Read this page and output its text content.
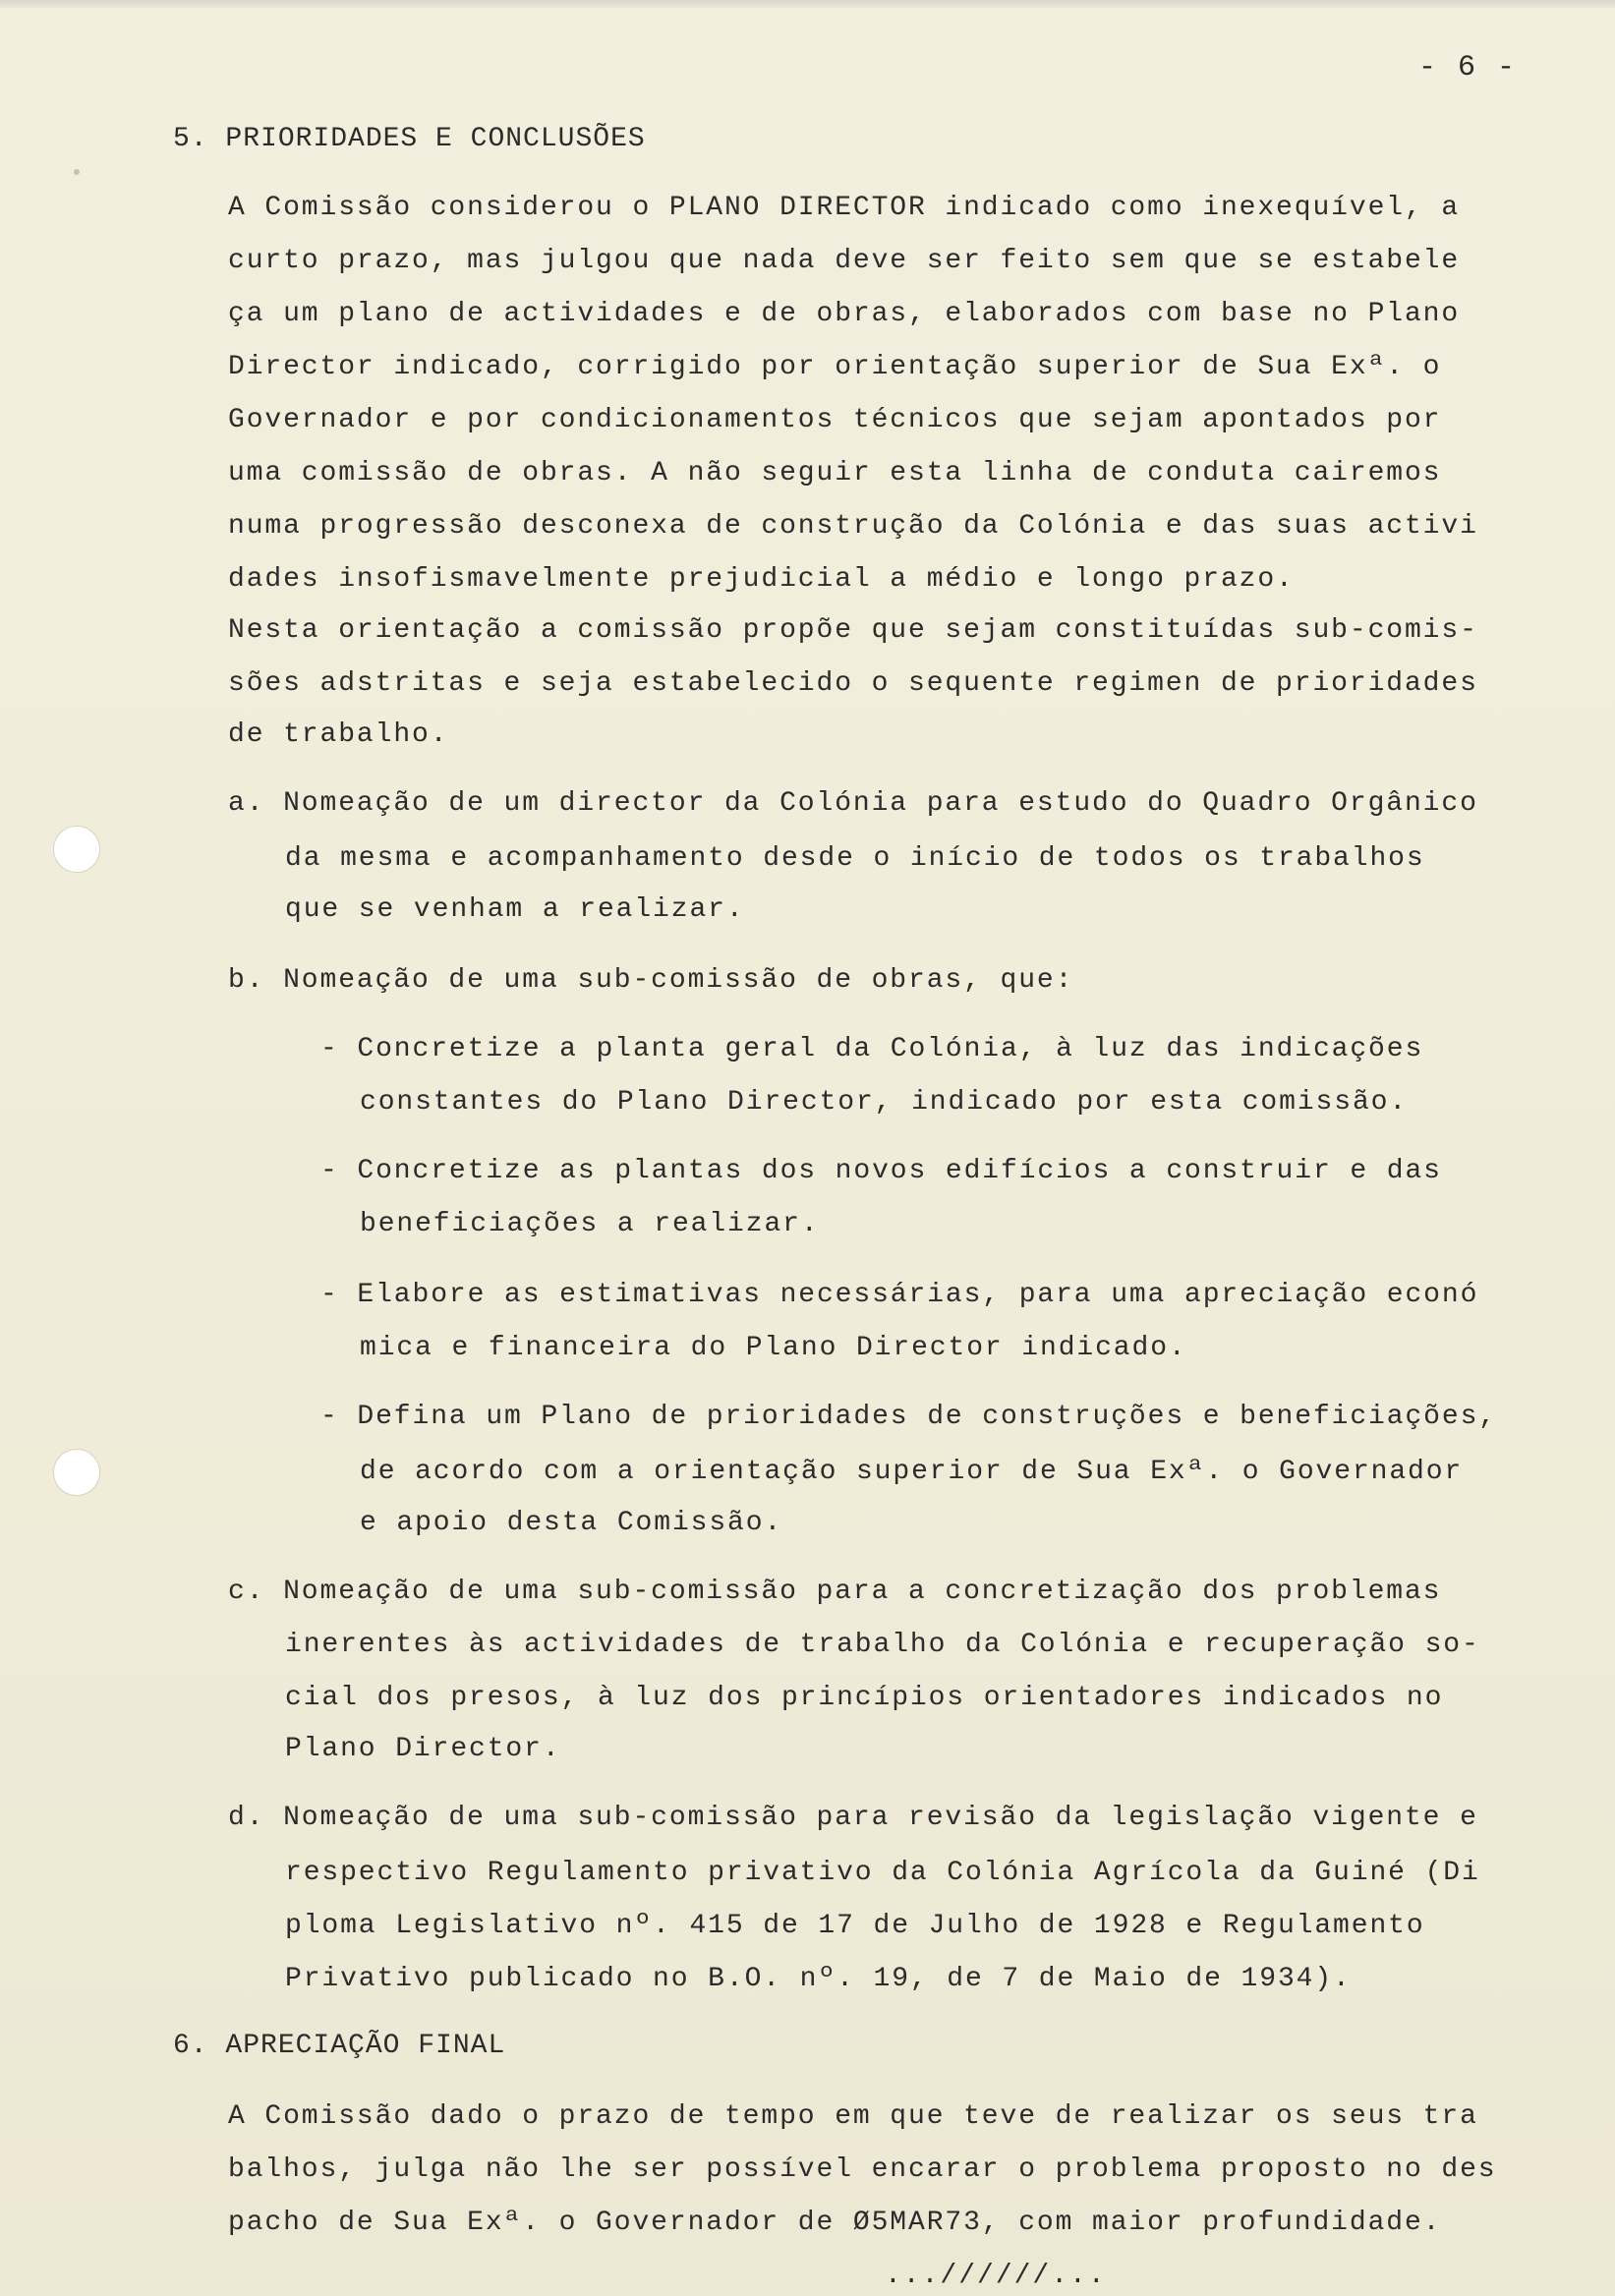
- 6 -
5. PRIORIDADES E CONCLUSÕES
A Comissão considerou o PLANO DIRECTOR indicado como inexequível, a
curto prazo, mas julgou que nada deve ser feito sem que se estabele
ça um plano de actividades e de obras, elaborados com base no Plano
Director indicado, corrigido por orientação superior de Sua Exª. o
Governador e por condicionamentos técnicos que sejam apontados por
uma comissão de obras. A não seguir esta linha de conduta cairemos
numa progressão desconexa de construção da Colónia e das suas activi
dades insofismavelmente prejudicial a médio e longo prazo.
Nesta orientação a comissão propõe que sejam constituídas sub-comis-
sões adstritas e seja estabelecido o sequente regimen de prioridades
de trabalho.
a. Nomeação de um director da Colónia para estudo do Quadro Orgânico
da mesma e acompanhamento desde o início de todos os trabalhos
que se venham a realizar.
b. Nomeação de uma sub-comissão de obras, que:
- Concretize a planta geral da Colónia, à luz das indicações
constantes do Plano Director, indicado por esta comissão.
- Concretize as plantas dos novos edifícios a construir e das
beneficiações a realizar.
- Elabore as estimativas necessárias, para uma apreciação econó
mica e financeira do Plano Director indicado.
- Defina um Plano de prioridades de construções e beneficiações,
de acordo com a orientação superior de Sua Exª. o Governador
e apoio desta Comissão.
c. Nomeação de uma sub-comissão para a concretização dos problemas
inerentes às actividades de trabalho da Colónia e recuperação so-
cial dos presos, à luz dos princípios orientadores indicados no
Plano Director.
d. Nomeação de uma sub-comissão para revisão da legislação vigente e
respectivo Regulamento privativo da Colónia Agrícola da Guiné (Di
ploma Legislativo nº. 415 de 17 de Julho de 1928 e Regulamento
Privativo publicado no B.O. nº. 19, de 7 de Maio de 1934).
6. APRECIAÇÃO FINAL
A Comissão dado o prazo de tempo em que teve de realizar os seus tra
balhos, julga não lhe ser possível encarar o problema proposto no des
pacho de Sua Exª. o Governador de Ø5MAR73, com maior profundidade.
...//////...
